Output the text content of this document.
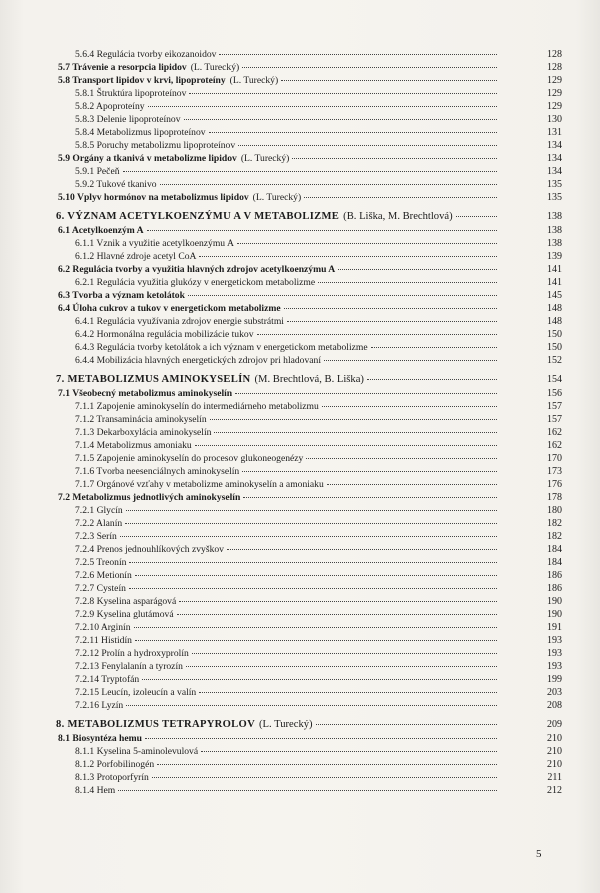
5.6.4 Regulácia tvorby eikozanoidov	128
5.7 Trávenie a resorpcia lipidov (L. Turecký)	128
5.8 Transport lipidov v krvi, lipoproteíny (L. Turecký)	129
5.8.1 Štruktúra lipoproteínov	129
5.8.2 Apoproteíny	129
5.8.3 Delenie lipoproteínov	130
5.8.4 Metabolizmus lipoproteínov	131
5.8.5 Poruchy metabolizmu lipoproteínov	134
5.9 Orgány a tkanivá v metabolizme lipidov (L. Turecký)	134
5.9.1 Pečeň	134
5.9.2 Tukové tkanivo	135
5.10 Vplyv hormónov na metabolizmus lipidov (L. Turecký)	135
6. VÝZNAM ACETYLKOENZÝMU A V METABOLIZME (B. Liška, M. Brechtlová)	138
6.1 Acetylkoenzým A	138
6.1.1 Vznik a využitie acetylkoenzýmu A	138
6.1.2 Hlavné zdroje acetyl CoA	139
6.2 Regulácia tvorby a využitia hlavných zdrojov acetylkoenzýmu A	141
6.2.1 Regulácia využitia glukózy v energetickom metabolizme	141
6.3 Tvorba a význam ketolátok	145
6.4 Úloha cukrov a tukov v energetickom metabolizme	148
6.4.1 Regulácia využívania zdrojov energie substrátmi	148
6.4.2 Hormonálna regulácia mobilizácie tukov	150
6.4.3 Regulácia tvorby ketolátok a ich význam v energetickom metabolizme	150
6.4.4 Mobilizácia hlavných energetických zdrojov pri hladovaní	152
7. METABOLIZMUS AMINOKYSELÍN (M. Brechtlová, B. Liška)	154
7.1 Všeobecný metabolizmus aminokyselín	156
7.1.1 Zapojenie aminokyselín do intermediárneho metabolizmu	157
7.1.2 Transaminácia aminokyselín	157
7.1.3 Dekarboxylácia aminokyselín	162
7.1.4 Metabolizmus amoniaku	162
7.1.5 Zapojenie aminokyselín do procesov glukoneogenézy	170
7.1.6 Tvorba neesenciálnych aminokyselín	173
7.1.7 Orgánové vzťahy v metabolizme aminokyselín a amoniaku	176
7.2 Metabolizmus jednotlivých aminokyselín	178
7.2.1 Glycín	180
7.2.2 Alanín	182
7.2.3 Serín	182
7.2.4 Prenos jednouhlíkových zvyškov	184
7.2.5 Treonín	184
7.2.6 Metionín	186
7.2.7 Cysteín	186
7.2.8 Kyselina asparágová	190
7.2.9 Kyselina glutámová	190
7.2.10 Arginín	191
7.2.11 Histidín	193
7.2.12 Prolín a hydroxyprolín	193
7.2.13 Fenylalanín a tyrozín	193
7.2.14 Tryptofán	199
7.2.15 Leucín, izoleucín a valín	203
7.2.16 Lyzín	208
8. METABOLIZMUS TETRAPYROLOV (L. Turecký)	209
8.1 Biosyntéza hemu	210
8.1.1 Kyselina 5-aminolevulová	210
8.1.2 Porfobilinogén	210
8.1.3 Protoporfyrín	211
8.1.4 Hem	212
5
